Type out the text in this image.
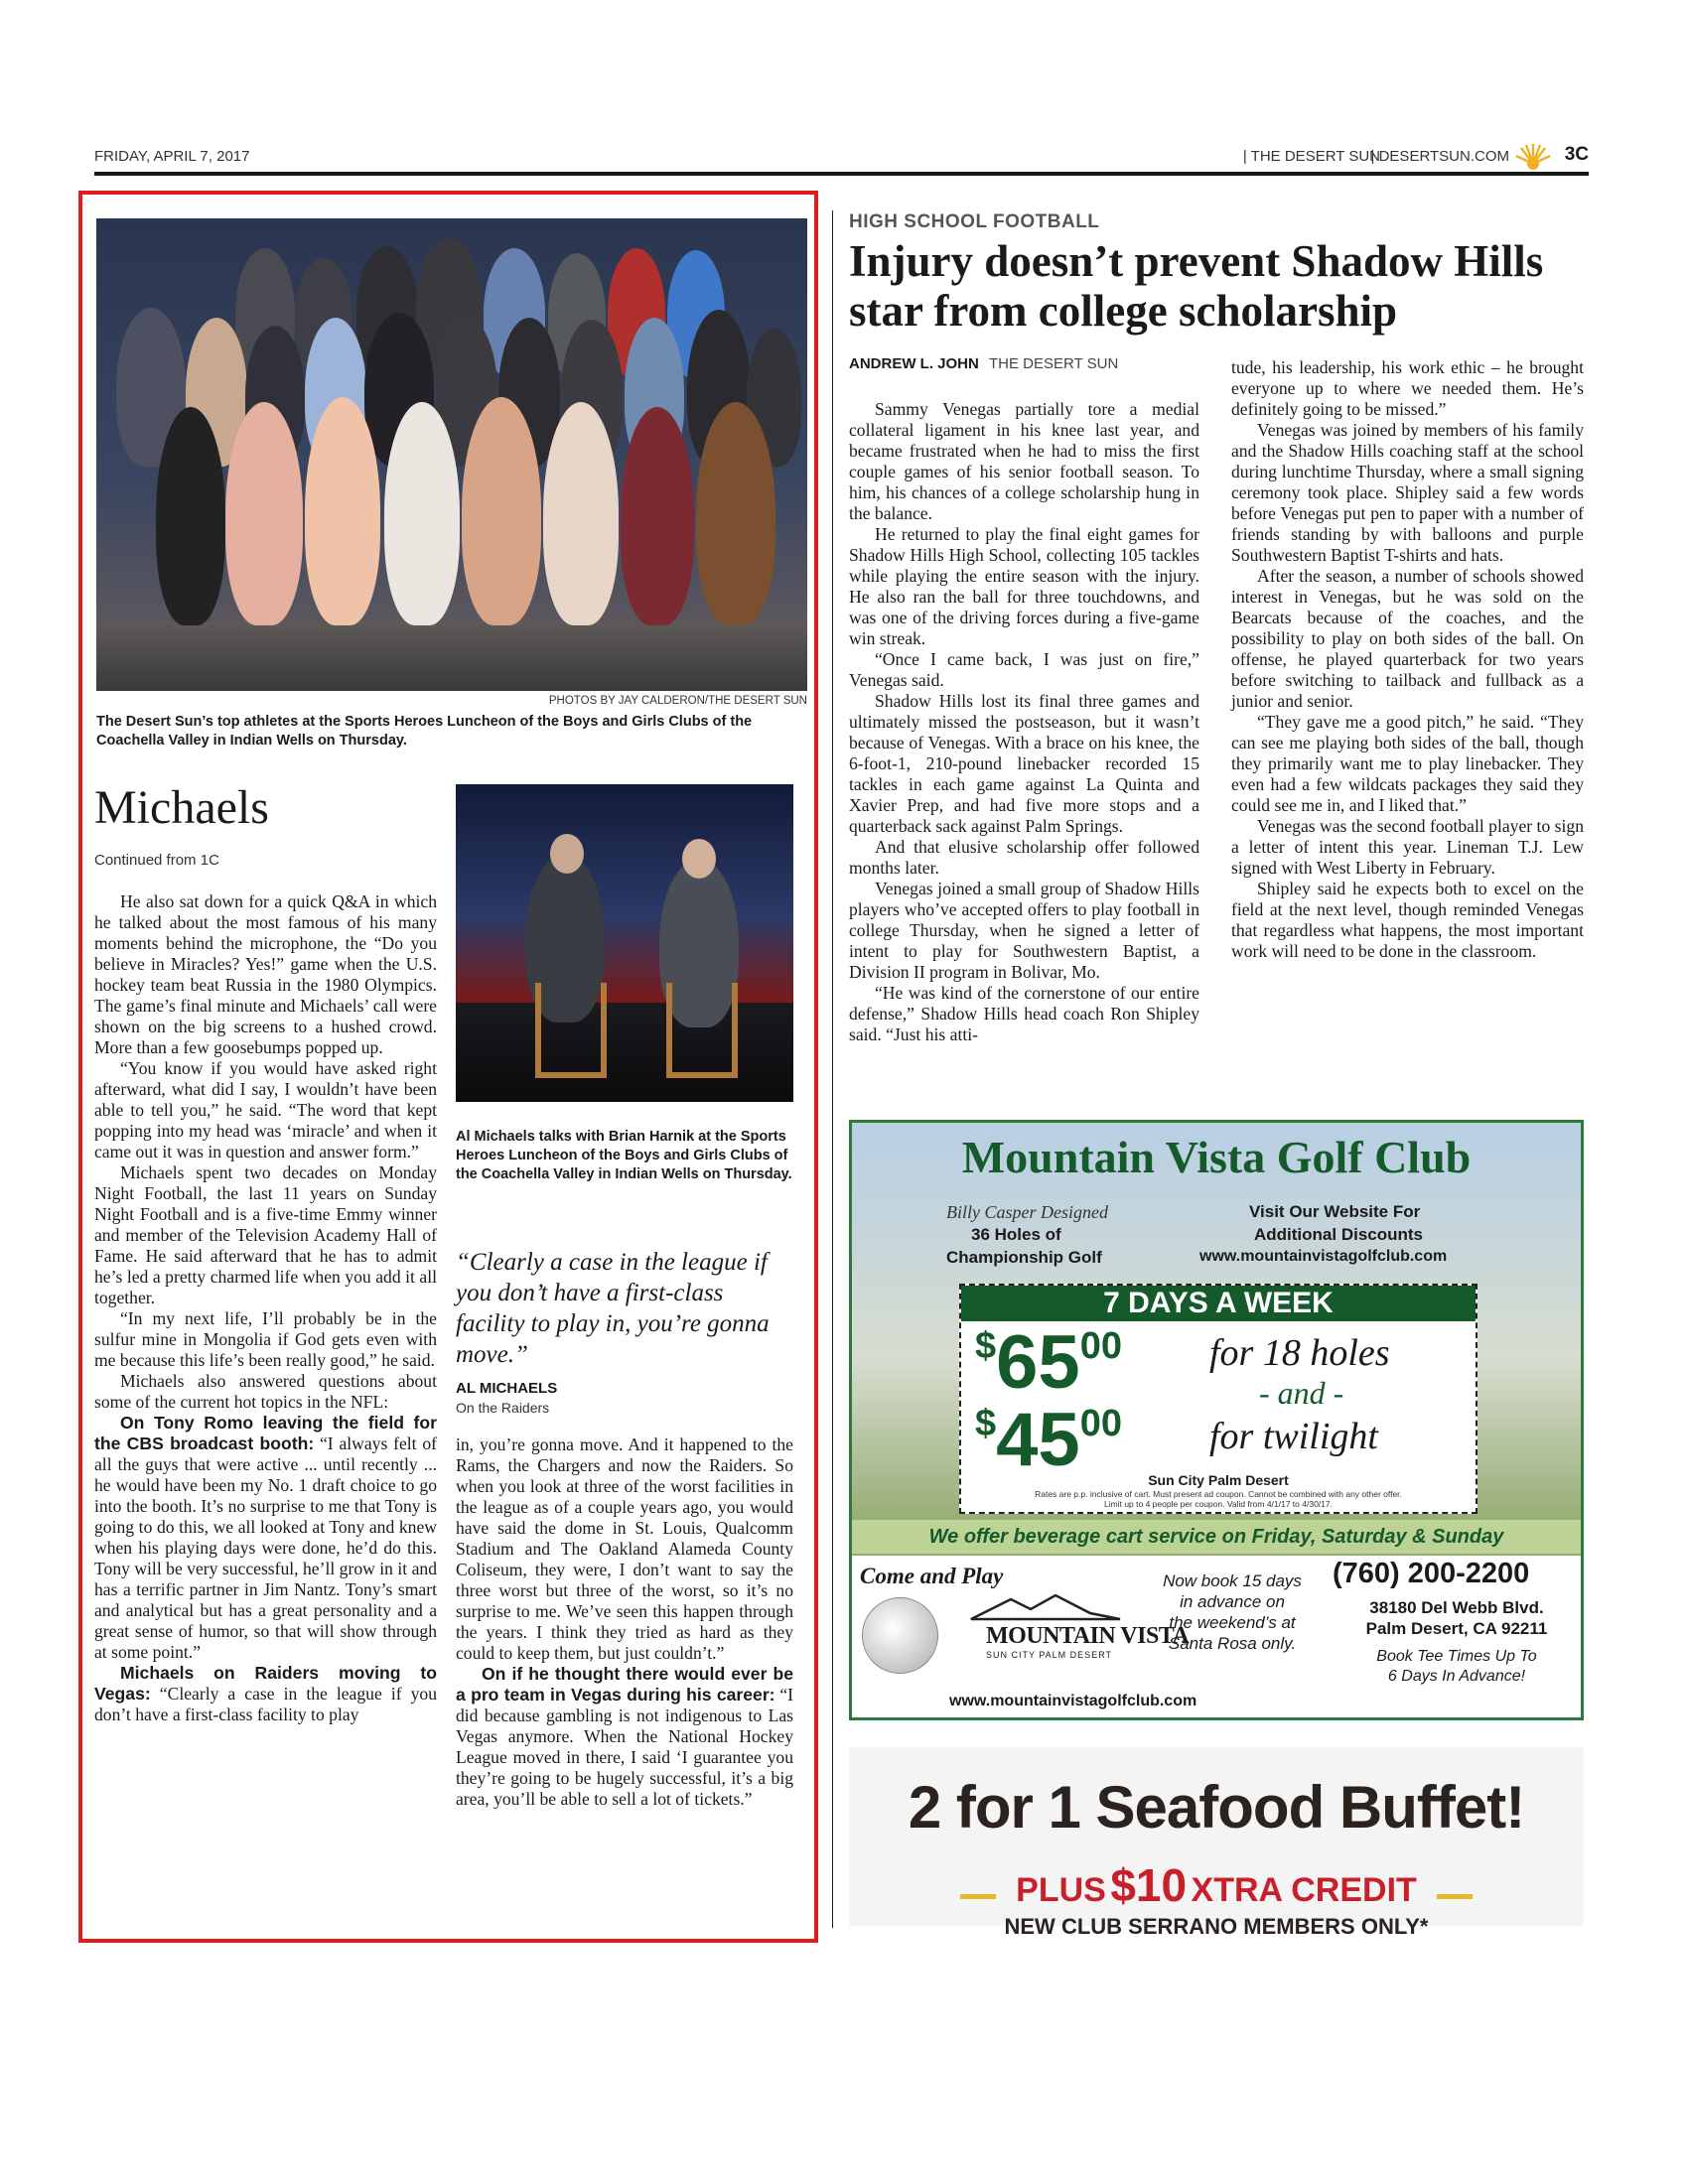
FRIDAY, APRIL 7, 2017	| THE DESERT SUN
| DESERTSUN.COM	3C
PHOTOS BY JAY CALDERON/THE DESERT SUN
The Desert Sun’s top athletes at the Sports Heroes Luncheon of the Boys and Girls Clubs of the Coachella Valley in Indian Wells on Thursday.
Michaels
Continued from 1C

He also sat down for a quick Q&A in which he talked about the most famous of his many moments behind the microphone, the “Do you believe in Miracles? Yes!” game when the U.S. hockey team beat Russia in the 1980 Olympics. The game’s final minute and Michaels’ call were shown on the big screens to a hushed crowd. More than a few goosebumps popped up.

“You know if you would have asked right afterward, what did I say, I wouldn’t have been able to tell you,” he said. “The word that kept popping into my head was ‘miracle’ and when it came out it was in question and answer form.”

Michaels spent two decades on Monday Night Football, the last 11 years on Sunday Night Football and is a five-time Emmy winner and member of the Television Academy Hall of Fame. He said afterward that he has to admit he’s led a pretty charmed life when you add it all together.

“In my next life, I’ll probably be in the sulfur mine in Mongolia if God gets even with me because this life’s been really good,” he said.

Michaels also answered questions about some of the current hot topics in the NFL:

On Tony Romo leaving the field for the CBS broadcast booth: “I always felt of all the guys that were active ... until recently ... he would have been my No. 1 draft choice to go into the booth. It’s no surprise to me that Tony is going to do this, we all looked at Tony and knew when his playing days were done, he’d do this. Tony will be very successful, he’ll grow in it and has a terrific partner in Jim Nantz. Tony’s smart and analytical but has a great personality and a great sense of humor, so that will show through at some point.”

Michaels on Raiders moving to Vegas: “Clearly a case in the league if you don’t have a first-class facility to play

Al Michaels talks with Brian Harnik at the Sports Heroes Luncheon of the Boys and Girls Clubs of the Coachella Valley in Indian Wells on Thursday.
“Clearly a case in the league if you don’t have a first-class facility to play in, you’re gonna move.”
AL MICHAELS
On the Raiders

in, you’re gonna move. And it happened to the Rams, the Chargers and now the Raiders. So when you look at three of the worst facilities in the league as of a couple years ago, you would have said the dome in St. Louis, Qualcomm Stadium and The Oakland Alameda County Coliseum, they were, I don’t want to say the three worst but three of the worst, so it’s no surprise to me. We’ve seen this happen through the years. I think they tried as hard as they could to keep them, but just couldn’t.”

On if he thought there would ever be a pro team in Vegas during his career: “I did because gambling is not indigenous to Las Vegas anymore. When the National Hockey League moved in there, I said ‘I guarantee you they’re going to be hugely successful, it’s a big area, you’ll be able to sell a lot of tickets.”

HIGH SCHOOL FOOTBALL
Injury doesn’t prevent Shadow Hills star from college scholarship
ANDREW L. JOHN THE DESERT SUN

Sammy Venegas partially tore a medial collateral ligament in his knee last year, and became frustrated when he had to miss the first couple games of his senior football season. To him, his chances of a college scholarship hung in the balance.

He returned to play the final eight games for Shadow Hills High School, collecting 105 tackles while playing the entire season with the injury. He also ran the ball for three touchdowns, and was one of the driving forces during a five-game win streak.

“Once I came back, I was just on fire,” Venegas said.

Shadow Hills lost its final three games and ultimately missed the postseason, but it wasn’t because of Venegas. With a brace on his knee, the 6-foot-1, 210-pound linebacker recorded 15 tackles in each game against La Quinta and Xavier Prep, and had five more stops and a quarterback sack against Palm Springs.

And that elusive scholarship offer followed months later.

Venegas joined a small group of Shadow Hills players who’ve accepted offers to play football in college Thursday, when he signed a letter of intent to play for Southwestern Baptist, a Division II program in Bolivar, Mo.

“He was kind of the cornerstone of our entire defense,” Shadow Hills head coach Ron Shipley said. “Just his atti-

tude, his leadership, his work ethic – he brought everyone up to where we needed them. He’s definitely going to be missed.”

Venegas was joined by members of his family and the Shadow Hills coaching staff at the school during lunchtime Thursday, where a small signing ceremony took place. Shipley said a few words before Venegas put pen to paper with a number of friends standing by with balloons and purple Southwestern Baptist T-shirts and hats.

After the season, a number of schools showed interest in Venegas, but he was sold on the Bearcats because of the coaches, and the possibility to play on both sides of the ball. On offense, he played quarterback for two years before switching to tailback and fullback as a junior and senior.

“They gave me a good pitch,” he said. “They can see me playing both sides of the ball, though they primarily want me to play linebacker. They even had a few wildcats packages they said they could see me in, and I liked that.”

Venegas was the second football player to sign a letter of intent this year. Lineman T.J. Lew signed with West Liberty in February.

Shipley said he expects both to excel on the field at the next level, though reminded Venegas that regardless what happens, the most important work will need to be done in the classroom.

Mountain Vista Golf Club
Billy Casper Designed
36 Holes of
Championship Golf
Visit Our Website For
Additional Discounts
www.mountainvistagolfclub.com
7 DAYS A WEEK
$6500 for 18 holes
- and -
$4500 for twilight
Sun City Palm Desert
Rates are p.p. inclusive of cart. Must present ad coupon. Cannot be combined with any other offer.
Limit up to 4 people per coupon. Valid from 4/1/17 to 4/30/17.
We offer beverage cart service on Friday, Saturday & Sunday
Come and Play
MOUNTAIN VISTA
SUN CITY PALM DESERT
Now book 15 days
in advance on
the weekend’s at
Santa Rosa only.
(760) 200-2200
38180 Del Webb Blvd.
Palm Desert, CA 92211
Book Tee Times Up To
6 Days In Advance!
www.mountainvistagolfclub.com
2 for 1 Seafood Buffet!
PLUS $10 XTRA CREDIT
NEW CLUB SERRANO MEMBERS ONLY*
